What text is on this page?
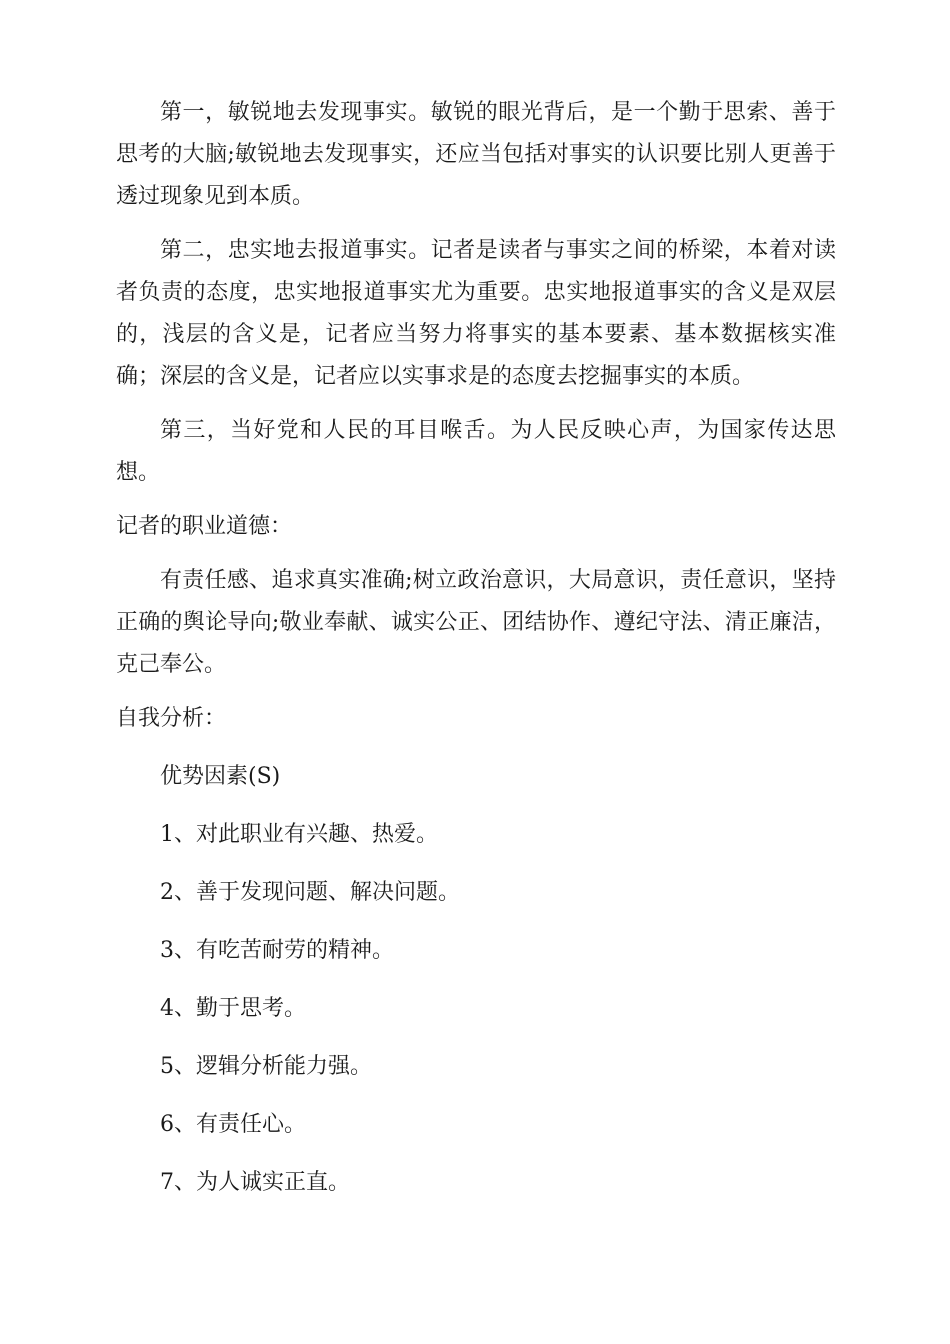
第一，敏锐地去发现事实。敏锐的眼光背后，是一个勤于思索、善于思考的大脑;敏锐地去发现事实，还应当包括对事实的认识要比别人更善于透过现象见到本质。

第二，忠实地去报道事实。记者是读者与事实之间的桥梁，本着对读者负责的态度，忠实地报道事实尤为重要。忠实地报道事实的含义是双层的，浅层的含义是，记者应当努力将事实的基本要素、基本数据核实准确；深层的含义是，记者应以实事求是的态度去挖掘事实的本质。

第三，当好党和人民的耳目喉舌。为人民反映心声，为国家传达思想。

记者的职业道德：

有责任感、追求真实准确;树立政治意识，大局意识，责任意识，坚持正确的舆论导向;敬业奉献、诚实公正、团结协作、遵纪守法、清正廉洁，克己奉公。

自我分析：

优势因素(S)

1、对此职业有兴趣、热爱。

2、善于发现问题、解决问题。

3、有吃苦耐劳的精神。

4、勤于思考。

5、逻辑分析能力强。

6、有责任心。

7、为人诚实正直。
